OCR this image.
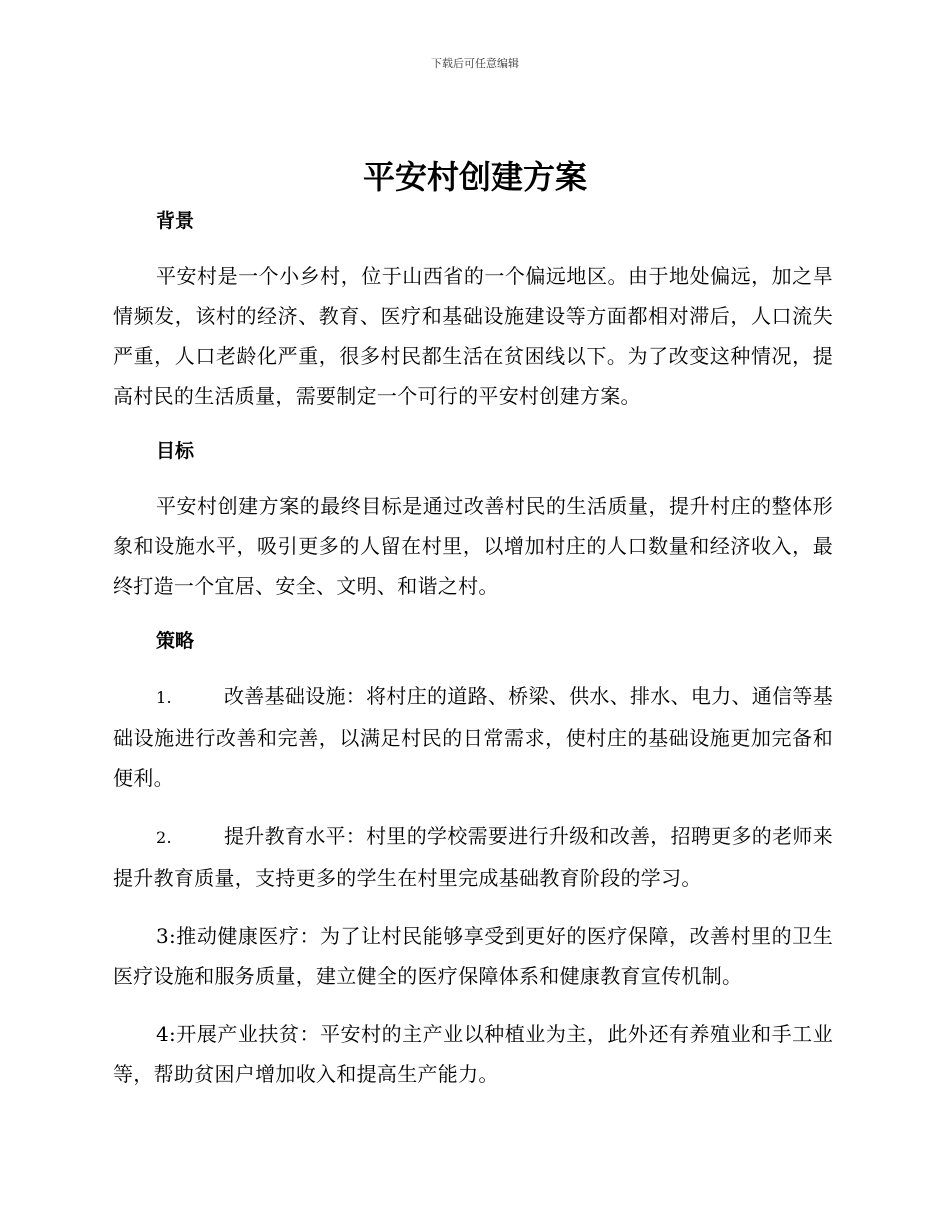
下载后可任意编辑
平安村创建方案
背景

平安村是一个小乡村，位于山西省的一个偏远地区。由于地处偏远，加之旱情频发，该村的经济、教育、医疗和基础设施建设等方面都相对滞后，人口流失严重，人口老龄化严重，很多村民都生活在贫困线以下。为了改变这种情况，提高村民的生活质量，需要制定一个可行的平安村创建方案。

目标

平安村创建方案的最终目标是通过改善村民的生活质量，提升村庄的整体形象和设施水平，吸引更多的人留在村里，以增加村庄的人口数量和经济收入，最终打造一个宜居、安全、文明、和谐之村。

策略

1.	改善基础设施：将村庄的道路、桥梁、供水、排水、电力、通信等基础设施进行改善和完善，以满足村民的日常需求，使村庄的基础设施更加完备和便利。

2.	提升教育水平：村里的学校需要进行升级和改善，招聘更多的老师来提升教育质量，支持更多的学生在村里完成基础教育阶段的学习。

3:推动健康医疗：为了让村民能够享受到更好的医疗保障，改善村里的卫生医疗设施和服务质量，建立健全的医疗保障体系和健康教育宣传机制。

4:开展产业扶贫：平安村的主产业以种植业为主，此外还有养殖业和手工业等，帮助贫困户增加收入和提高生产能力。
